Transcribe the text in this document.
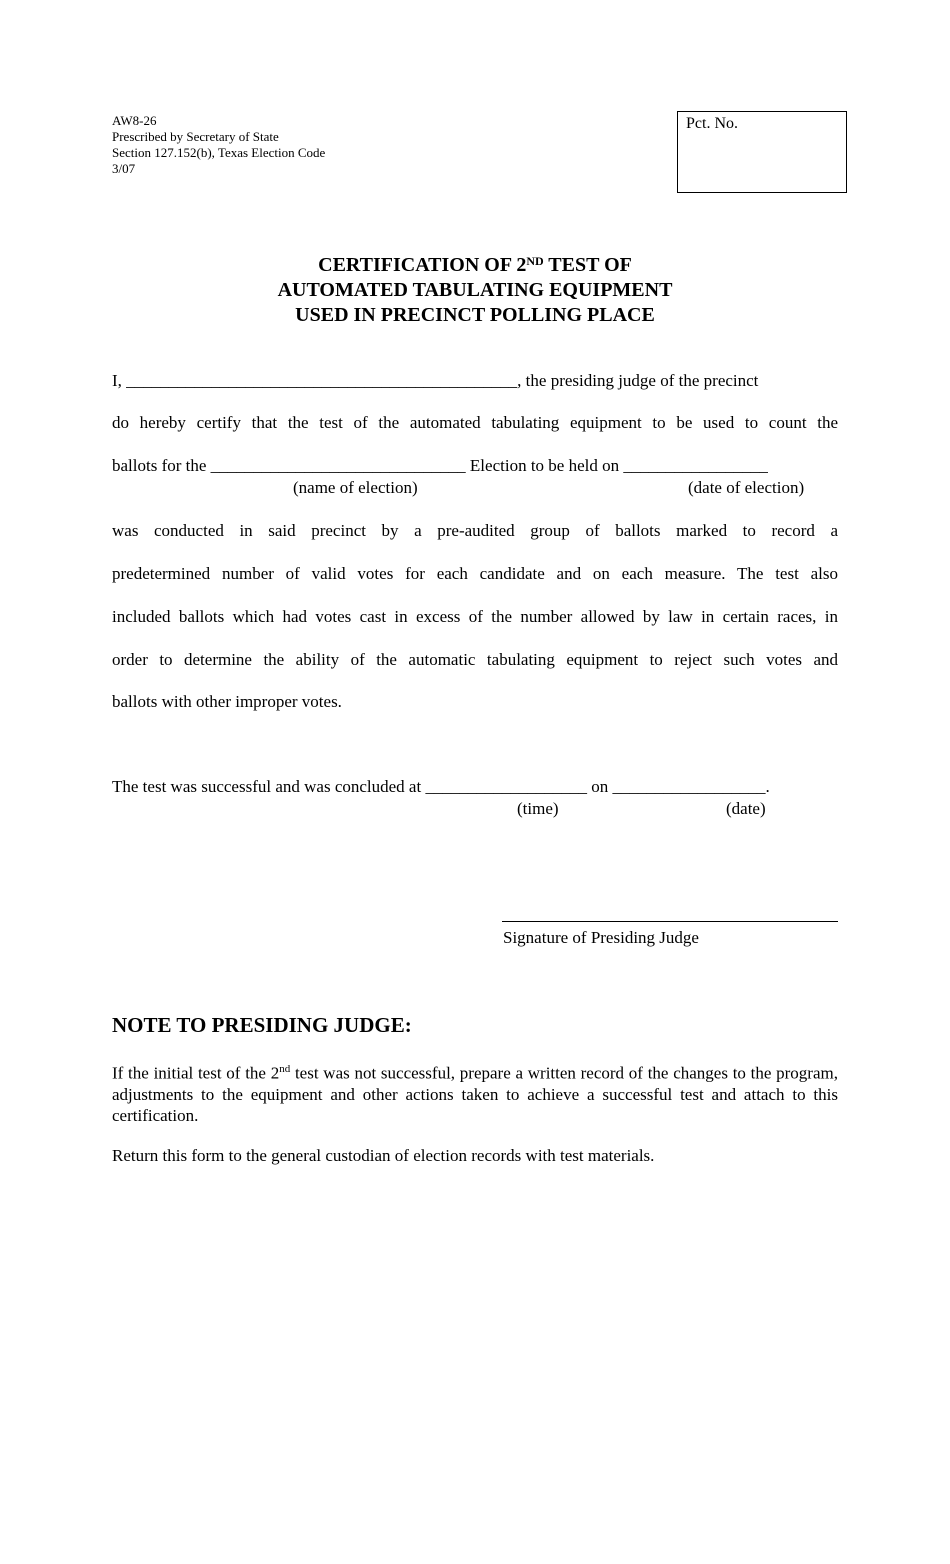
AW8-26
Prescribed by Secretary of State
Section 127.152(b), Texas Election Code
3/07
Pct. No.
CERTIFICATION OF 2ND TEST OF
AUTOMATED TABULATING EQUIPMENT
USED IN PRECINCT POLLING PLACE
I, ______________________________________________, the presiding judge of the precinct
do hereby certify that the test of the automated tabulating equipment to be used to count the
ballots for the ______________________________ Election to be held on _________________
(name of election)	(date of election)
was conducted in said precinct by a pre-audited group of ballots marked to record a
predetermined number of valid votes for each candidate and on each measure. The test also
included ballots which had votes cast in excess of the number allowed by law in certain races, in
order to determine the ability of the automatic tabulating equipment to reject such votes and
ballots with other improper votes.
The test was successful and was concluded at ___________________ on __________________.
(time)	(date)
Signature of Presiding Judge
NOTE TO PRESIDING JUDGE:
If the initial test of the 2nd test was not successful, prepare a written record of the changes to the program, adjustments to the equipment and other actions taken to achieve a successful test and attach to this certification.
Return this form to the general custodian of election records with test materials.
